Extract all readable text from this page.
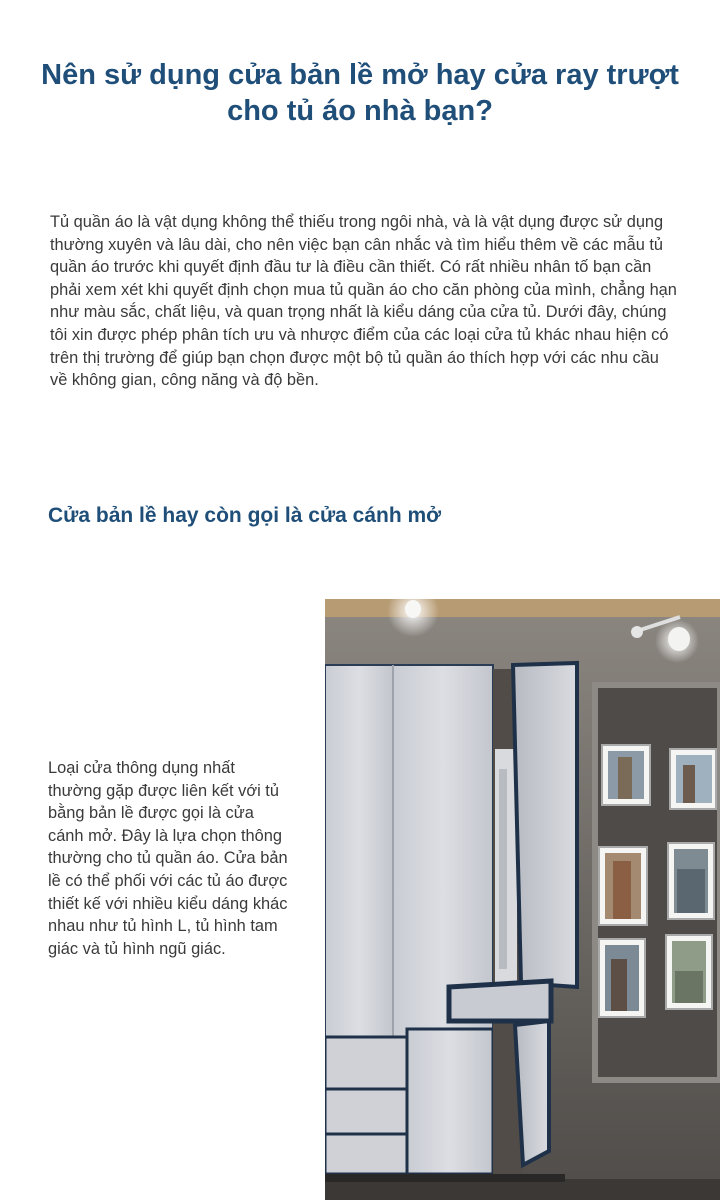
Nên sử dụng cửa bản lề mở hay cửa ray trượt cho tủ áo nhà bạn?

Tủ quần áo là vật dụng không thể thiếu trong ngôi nhà, và là vật dụng được sử dụng thường xuyên và lâu dài, cho nên việc bạn cân nhắc và tìm hiểu thêm về các mẫu tủ quần áo trước khi quyết định đầu tư là điều cần thiết. Có rất nhiều nhân tố bạn cần phải xem xét khi quyết định chọn mua tủ quần áo cho căn phòng của mình, chẳng hạn như màu sắc, chất liệu, và quan trọng nhất là kiểu dáng của cửa tủ. Dưới đây, chúng tôi xin được phép phân tích ưu và nhược điểm của các loại cửa tủ khác nhau hiện có trên thị trường để giúp bạn chọn được một bộ tủ quần áo thích hợp với các nhu cầu về không gian, công năng và độ bền.

Cửa bản lề hay còn gọi là cửa cánh mở

Loại cửa thông dụng nhất thường gặp được liên kết với tủ bằng bản lề được gọi là cửa cánh mở. Đây là lựa chọn thông thường cho tủ quần áo. Cửa bản lề có thể phối với các tủ áo được thiết kế với nhiều kiểu dáng khác nhau như tủ hình L, tủ hình tam giác và tủ hình ngũ giác.
